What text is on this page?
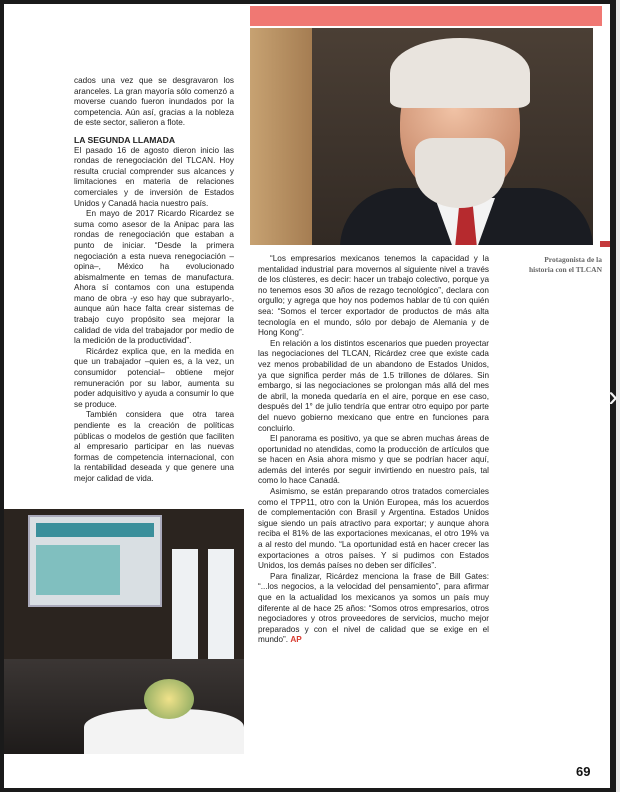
Protagonista de la historia con el TLCAN

cados una vez que se desgravaron los aranceles. La gran mayoría sólo comenzó a moverse cuando fueron inundados por la competencia. Aún así, gracias a la nobleza de este sector, salieron a flote.

LA SEGUNDA LLAMADA

El pasado 16 de agosto dieron inicio las rondas de renegociación del TLCAN. Hoy resulta crucial comprender sus alcances y limitaciones en materia de relaciones comerciales y de inversión de Estados Unidos y Canadá hacia nuestro país.

En mayo de 2017 Ricardo Ricardez se suma como asesor de la Anipac para las rondas de renegociación que estaban a punto de iniciar. “Desde la primera negociación a esta nueva renegociación –opina–, México ha evolucionado abismalmente en temas de manufactura. Ahora sí contamos con una estupenda mano de obra -y eso hay que subrayarlo-, aunque aún hace falta crear sistemas de trabajo cuyo propósito sea mejorar la calidad de vida del trabajador por medio de la medición de la productividad”.

Ricárdez explica que, en la medida en que un trabajador –quien es, a la vez, un consumidor potencial– obtiene mejor remuneración por su labor, aumenta su poder adquisitivo y ayuda a consumir lo que se produce.

También considera que otra tarea pendiente es la creación de políticas públicas o modelos de gestión que faciliten al empresario participar en las nuevas formas de competencia internacional, con la rentabilidad deseada y que genere una mejor calidad de vida.

“Los empresarios mexicanos tenemos la capacidad y la mentalidad industrial para movernos al siguiente nivel a través de los clústeres, es decir: hacer un trabajo colectivo, porque ya no tenemos esos 30 años de rezago tecnológico”, declara con orgullo; y agrega que hoy nos podemos hablar de tú con quién sea: “Somos el tercer exportador de productos de más alta tecnología en el mundo, sólo por debajo de Alemania y de Hong Kong”.

En relación a los distintos escenarios que pueden proyectar las negociaciones del TLCAN, Ricárdez cree que existe cada vez menos probabilidad de un abandono de Estados Unidos, ya que significa perder más de 1.5 trillones de dólares. Sin embargo, si las negociaciones se prolongan más allá del mes de abril, la moneda quedaría en el aire, porque en ese caso, después del 1° de julio tendría que entrar otro equipo por parte del nuevo gobierno mexicano que entre en funciones para concluirlo.

El panorama es positivo, ya que se abren muchas áreas de oportunidad no atendidas, como la producción de artículos que se hacen en Asia ahora mismo y que se podrían hacer aquí, además del interés por seguir invirtiendo en nuestro país, tal como lo hace Canadá.

Asimismo, se están preparando otros tratados comerciales como el TPP11, otro con la Unión Europea, más los acuerdos de complementación con Brasil y Argentina. Estados Unidos sigue siendo un país atractivo para exportar; y aunque ahora reciba el 81% de las exportaciones mexicanas, el otro 19% va a al resto del mundo. “La oportunidad está en hacer crecer las exportaciones a otros países. Y si pudimos con Estados Unidos, los demás países no deben ser difíciles”.

Para finalizar, Ricárdez menciona la frase de Bill Gates: “...los negocios, a la velocidad del pensamiento”, para afirmar que en la actualidad los mexicanos ya somos un país muy diferente al de hace 25 años: “Somos otros empresarios, otros negociadores y otros proveedores de servicios, mucho mejor preparados y con el nivel de calidad que se exige en el mundo”. AP

69
›
